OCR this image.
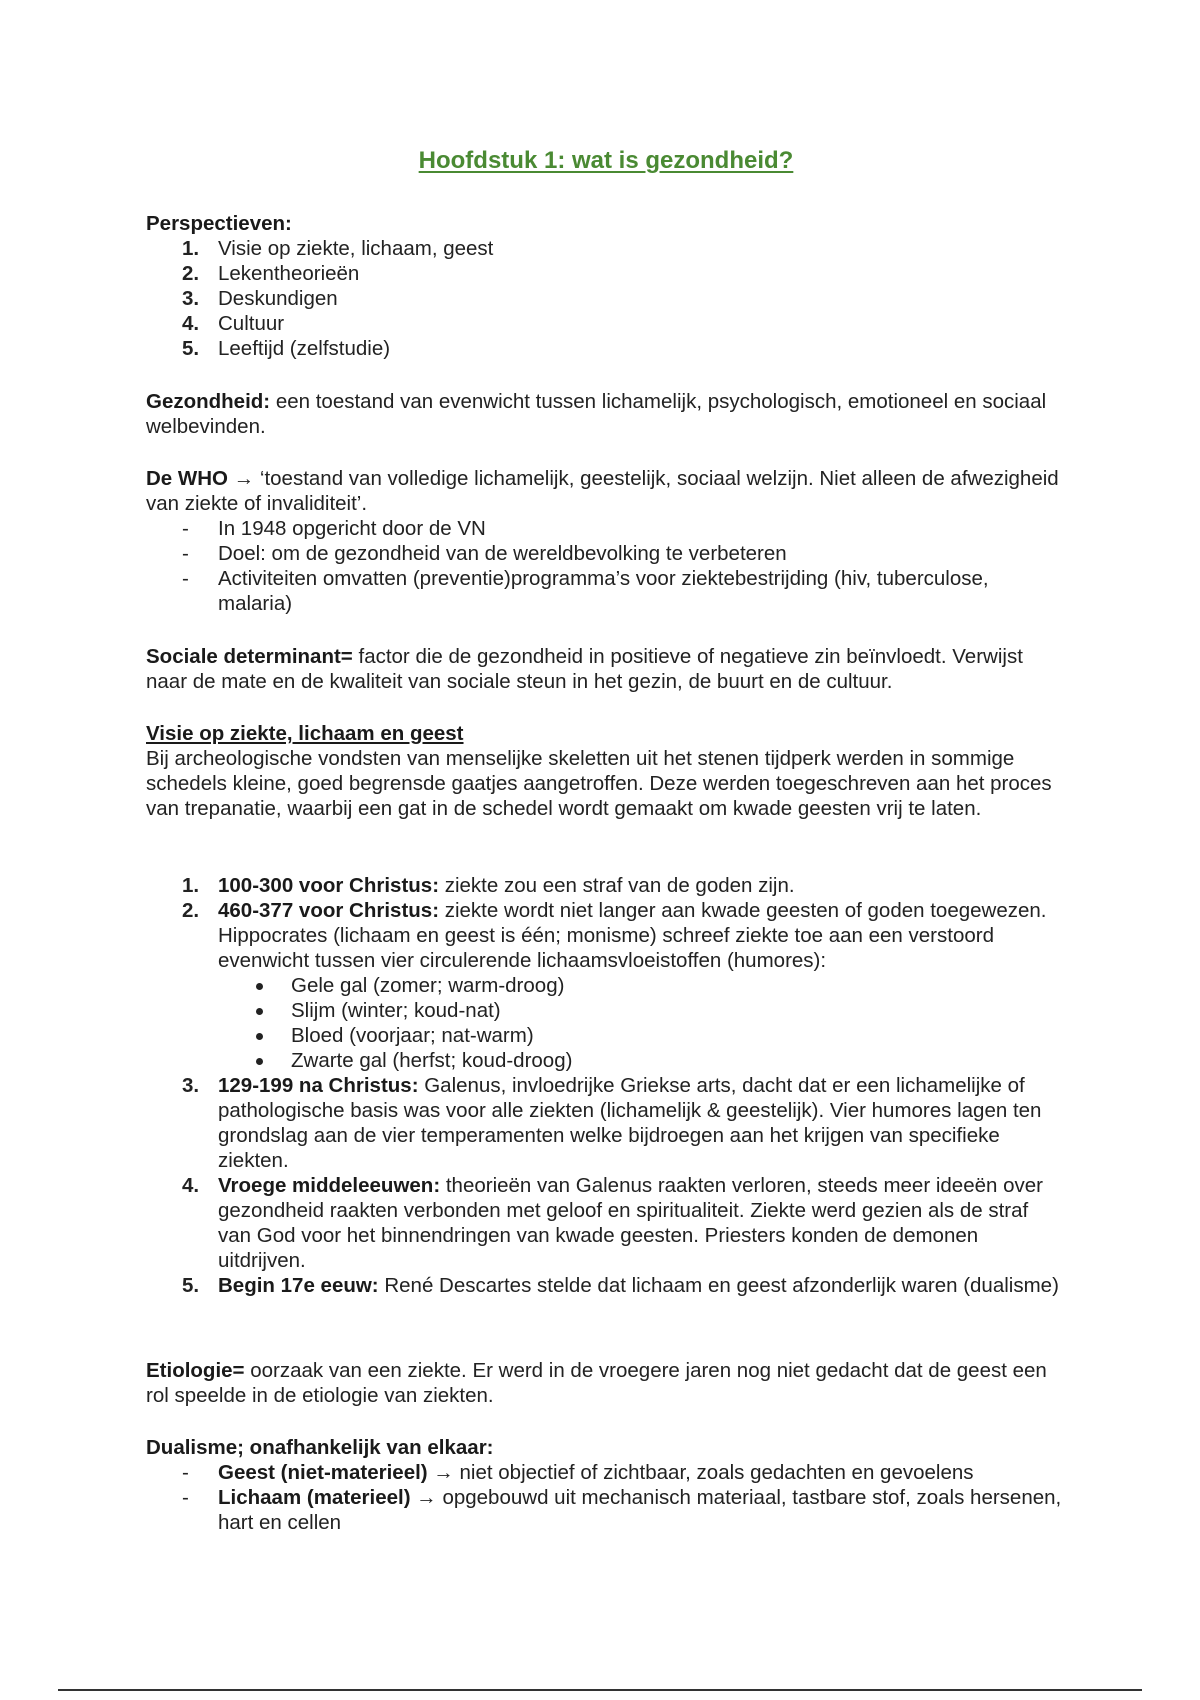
Hoofdstuk 1: wat is gezondheid?

Perspectieven:

1. Visie op ziekte, lichaam, geest
2. Lekentheorieën
3. Deskundigen
4. Cultuur
5. Leeftijd (zelfstudie)

Gezondheid: een toestand van evenwicht tussen lichamelijk, psychologisch, emotioneel en sociaal welbevinden.

De WHO → ‘toestand van volledige lichamelijk, geestelijk, sociaal welzijn. Niet alleen de afwezigheid van ziekte of invaliditeit’.

- In 1948 opgericht door de VN
- Doel: om de gezondheid van de wereldbevolking te verbeteren
- Activiteiten omvatten (preventie)programma’s voor ziektebestrijding (hiv, tuberculose, malaria)

Sociale determinant= factor die de gezondheid in positieve of negatieve zin beïnvloedt. Verwijst naar de mate en de kwaliteit van sociale steun in het gezin, de buurt en de cultuur.

Visie op ziekte, lichaam en geest

Bij archeologische vondsten van menselijke skeletten uit het stenen tijdperk werden in sommige schedels kleine, goed begrensde gaatjes aangetroffen. Deze werden toegeschreven aan het proces van trepanatie, waarbij een gat in de schedel wordt gemaakt om kwade geesten vrij te laten.

1. 100-300 voor Christus: ziekte zou een straf van de goden zijn.
2. 460-377 voor Christus: ziekte wordt niet langer aan kwade geesten of goden toegewezen. Hippocrates (lichaam en geest is één; monisme) schreef ziekte toe aan een verstoord evenwicht tussen vier circulerende lichaamsvloeistoffen (humores):
Gele gal (zomer; warm-droog)
Slijm (winter; koud-nat)
Bloed (voorjaar; nat-warm)
Zwarte gal (herfst; koud-droog)
3. 129-199 na Christus: Galenus, invloedrijke Griekse arts, dacht dat er een lichamelijke of pathologische basis was voor alle ziekten (lichamelijk & geestelijk). Vier humores lagen ten grondslag aan de vier temperamenten welke bijdroegen aan het krijgen van specifieke ziekten.
4. Vroege middeleeuwen: theorieën van Galenus raakten verloren, steeds meer ideeën over gezondheid raakten verbonden met geloof en spiritualiteit. Ziekte werd gezien als de straf van God voor het binnendringen van kwade geesten. Priesters konden de demonen uitdrijven.
5. Begin 17e eeuw: René Descartes stelde dat lichaam en geest afzonderlijk waren (dualisme)

Etiologie= oorzaak van een ziekte. Er werd in de vroegere jaren nog niet gedacht dat de geest een rol speelde in de etiologie van ziekten.

Dualisme; onafhankelijk van elkaar:

- Geest (niet-materieel) → niet objectief of zichtbaar, zoals gedachten en gevoelens
- Lichaam (materieel) → opgebouwd uit mechanisch materiaal, tastbare stof, zoals hersenen, hart en cellen
